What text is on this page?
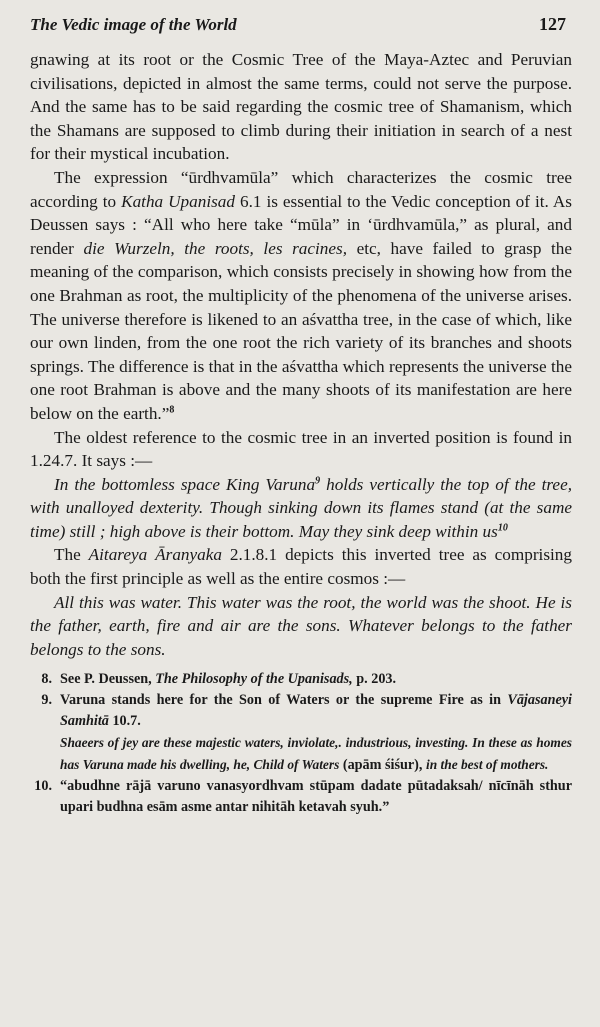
The Vedic image of the World	127

gnawing at its root or the Cosmic Tree of the Maya-Aztec and Peruvian civilisations, depicted in almost the same terms, could not serve the purpose. And the same has to be said regarding the cosmic tree of Shamanism, which the Shamans are supposed to climb during their initiation in search of a nest for their mystical incubation.

The expression “ūrdhvamūla” which characterizes the cosmic tree according to Katha Upanisad 6.1 is essential to the Vedic conception of it. As Deussen says : “All who here take “mūla” in ‘ūrdhvamūla,” as plural, and render die Wurzeln, the roots, les racines, etc, have failed to grasp the meaning of the comparison, which consists precisely in showing how from the one Brahman as root, the multiplicity of the phenomena of the universe arises. The universe therefore is likened to an aśvattha tree, in the case of which, like our own linden, from the one root the rich variety of its branches and shoots springs. The difference is that in the aśvattha which represents the universe the one root Brahman is above and the many shoots of its manifestation are here below on the earth.”$^8$

The oldest reference to the cosmic tree in an inverted position is found in 1.24.7. It says :—

In the bottomless space King Varuna$^9$ holds vertically the top of the tree, with unalloyed dexterity. Though sinking down its flames stand (at the same time) still ; high above is their bottom. May they sink deep within $us^{10}$

The Aitareya Āranyaka 2.1.8.1 depicts this inverted tree as comprising both the first principle as well as the entire cosmos :—

All this was water. This water was the root, the world was the shoot. He is the father, earth, fire and air are the sons. Whatever belongs to the father belongs to the sons.

8. See P. Deussen, The Philosophy of the Upanisads, p. 203.
9. Varuna stands here for the Son of Waters or the supreme Fire as in Vājasaneyi Samhitā 10.7.
Shaeers of jey are these majestic waters, inviolate,. industrious, investing. In these as homes has Varuna made his dwelling, he, Child of Waters (apām śiśur), in the best of mothers.
10. “abudhne rājā varuno vanasyordhvam stūpam dadate pūtadaksah/ nīcīnāh sthur upari budhna esām asme antar nihitāh ketavah syuh.”
